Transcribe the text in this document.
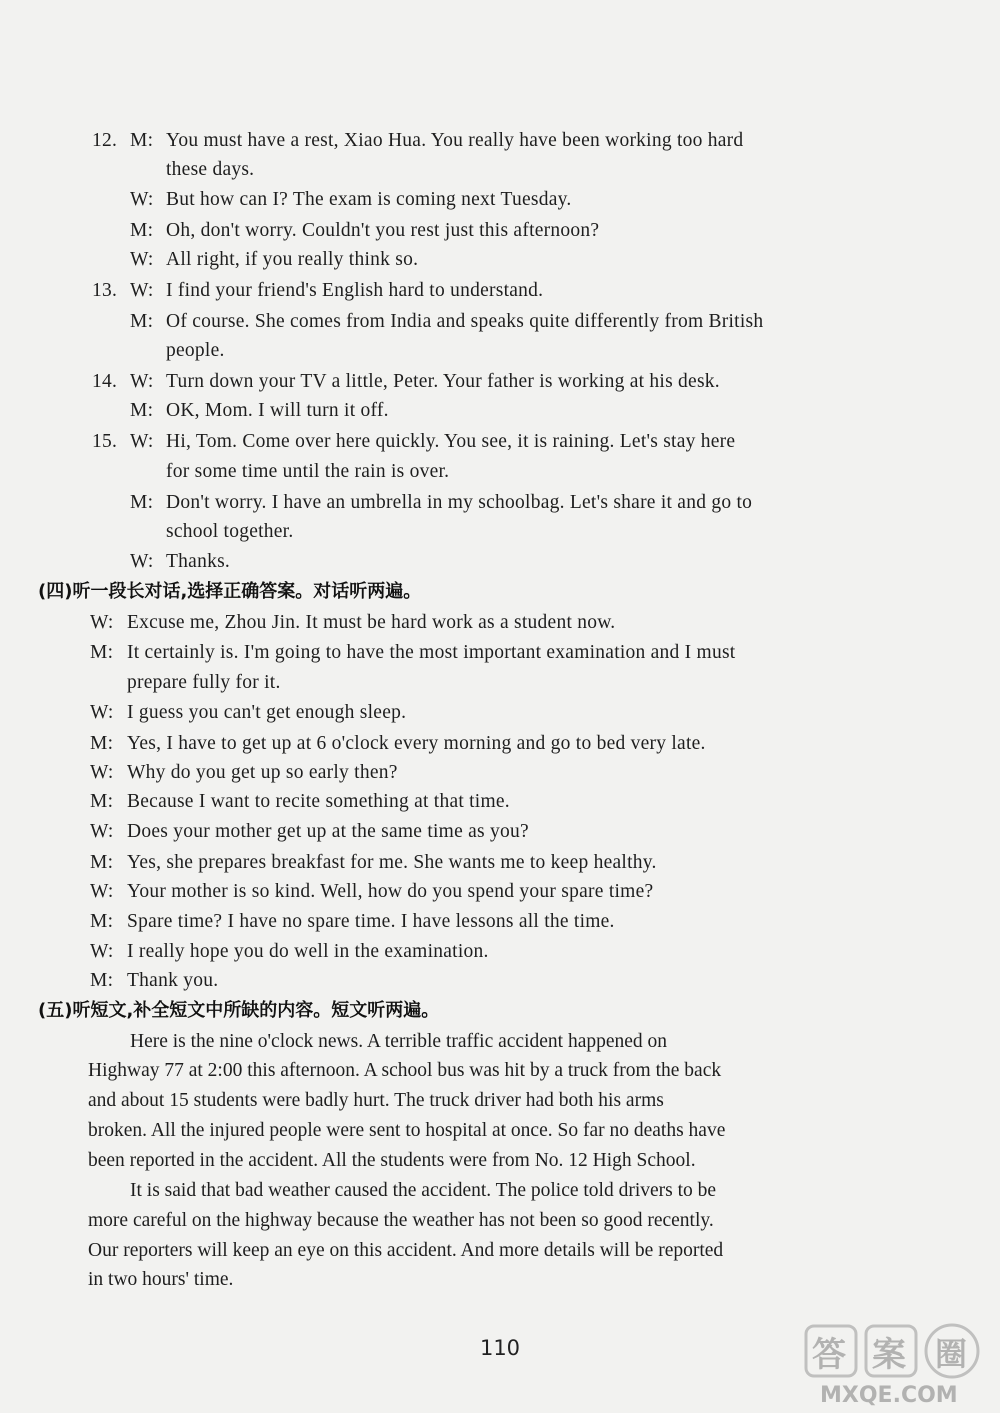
12. M: You must have a rest, Xiao Hua. You really have been working too hard
these days.
W: But how can I? The exam is coming next Tuesday.
M: Oh, don't worry. Couldn't you rest just this afternoon?
W: All right, if you really think so.
13. W: I find your friend's English hard to understand.
M: Of course. She comes from India and speaks quite differently from British
people.
14. W: Turn down your TV a little, Peter. Your father is working at his desk.
M: OK, Mom. I will turn it off.
15. W: Hi, Tom. Come over here quickly. You see, it is raining. Let's stay here
for some time until the rain is over.
M: Don't worry. I have an umbrella in my schoolbag. Let's share it and go to
school together.
W: Thanks.
(四)听一段长对话,选择正确答案。对话听两遍。
W: Excuse me, Zhou Jin. It must be hard work as a student now.
M: It certainly is. I'm going to have the most important examination and I must
prepare fully for it.
W: I guess you can't get enough sleep.
M: Yes, I have to get up at 6 o'clock every morning and go to bed very late.
W: Why do you get up so early then?
M: Because I want to recite something at that time.
W: Does your mother get up at the same time as you?
M: Yes, she prepares breakfast for me. She wants me to keep healthy.
W: Your mother is so kind. Well, how do you spend your spare time?
M: Spare time? I have no spare time. I have lessons all the time.
W: I really hope you do well in the examination.
M: Thank you.
(五)听短文,补全短文中所缺的内容。短文听两遍。
Here is the nine o'clock news. A terrible traffic accident happened on
Highway 77 at 2:00 this afternoon. A school bus was hit by a truck from the back
and about 15 students were badly hurt. The truck driver had both his arms
broken. All the injured people were sent to hospital at once. So far no deaths have
been reported in the accident. All the students were from No. 12 High School.
It is said that bad weather caused the accident. The police told drivers to be
more careful on the highway because the weather has not been so good recently.
Our reporters will keep an eye on this accident. And more details will be reported
in two hours' time.
110	答 案 圈
MXQE.COM
